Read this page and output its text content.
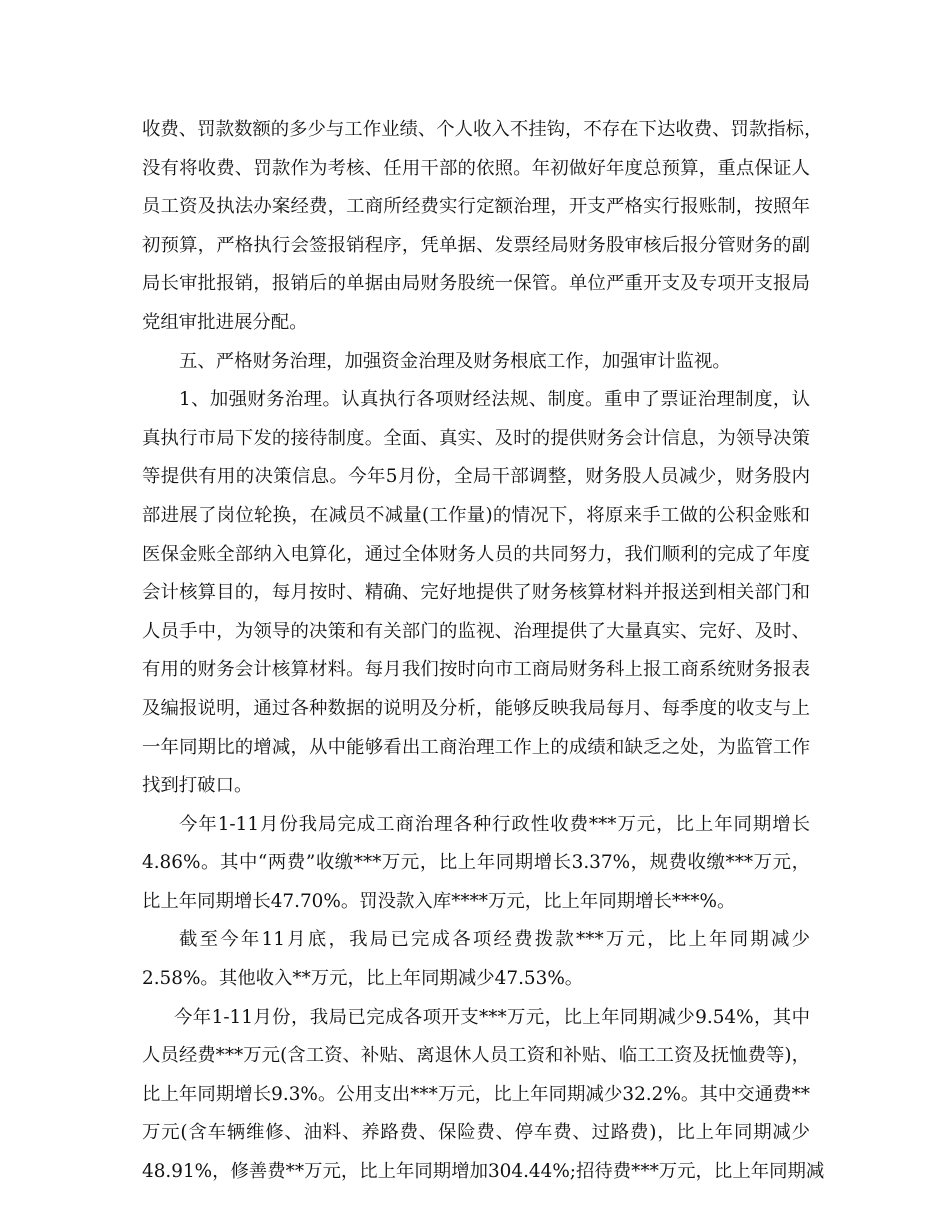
收费、罚款数额的多少与工作业绩、个人收入不挂钩，不存在下达收费、罚款指标，
没有将收费、罚款作为考核、任用干部的依照。年初做好年度总预算，重点保证人
员工资及执法办案经费，工商所经费实行定额治理，开支严格实行报账制，按照年
初预算，严格执行会签报销程序，凭单据、发票经局财务股审核后报分管财务的副
局长审批报销，报销后的单据由局财务股统一保管。单位严重开支及专项开支报局
党组审批进展分配。
五、严格财务治理，加强资金治理及财务根底工作，加强审计监视。
1、加强财务治理。认真执行各项财经法规、制度。重申了票证治理制度，认
真执行市局下发的接待制度。全面、真实、及时的提供财务会计信息，为领导决策
等提供有用的决策信息。今年5月份，全局干部调整，财务股人员减少，财务股内
部进展了岗位轮换，在减员不减量(工作量)的情况下，将原来手工做的公积金账和
医保金账全部纳入电算化，通过全体财务人员的共同努力，我们顺利的完成了年度
会计核算目的，每月按时、精确、完好地提供了财务核算材料并报送到相关部门和
人员手中，为领导的决策和有关部门的监视、治理提供了大量真实、完好、及时、
有用的财务会计核算材料。每月我们按时向市工商局财务科上报工商系统财务报表
及编报说明，通过各种数据的说明及分析，能够反映我局每月、每季度的收支与上
一年同期比的增减，从中能够看出工商治理工作上的成绩和缺乏之处，为监管工作
找到打破口。
今年1-11月份我局完成工商治理各种行政性收费***万元，比上年同期增长
4.86%。其中“两费”收缴***万元，比上年同期增长3.37%，规费收缴***万元，
比上年同期增长47.70%。罚没款入库****万元，比上年同期增长***%。
截至今年11月底，我局已完成各项经费拨款***万元，比上年同期减少
2.58%。其他收入**万元，比上年同期减少47.53%。
今年1-11月份，我局已完成各项开支***万元，比上年同期减少9.54%，其中
人员经费***万元(含工资、补贴、离退休人员工资和补贴、临工工资及抚恤费等)，
比上年同期增长9.3%。公用支出***万元，比上年同期减少32.2%。其中交通费**
万元(含车辆维修、油料、养路费、保险费、停车费、过路费)，比上年同期减少
48.91%，修善费**万元，比上年同期增加304.44%;招待费***万元，比上年同期减
